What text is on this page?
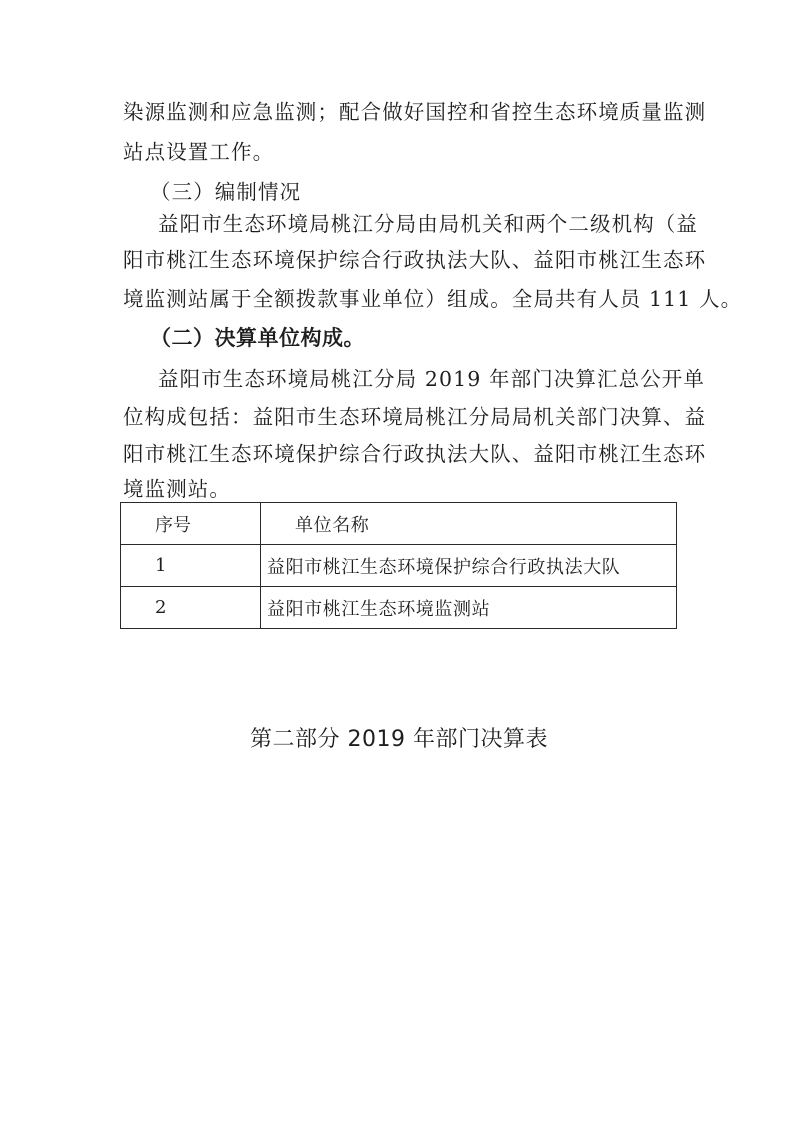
染源监测和应急监测；配合做好国控和省控生态环境质量监测
站点设置工作。
（三）编制情况
益阳市生态环境局桃江分局由局机关和两个二级机构（益
阳市桃江生态环境保护综合行政执法大队、益阳市桃江生态环
境监测站属于全额拨款事业单位）组成。全局共有人员 111 人。
（二）决算单位构成。
益阳市生态环境局桃江分局 2019 年部门决算汇总公开单
位构成包括：益阳市生态环境局桃江分局局机关部门决算、益
阳市桃江生态环境保护综合行政执法大队、益阳市桃江生态环
境监测站。
序号	单位名称
1	益阳市桃江生态环境保护综合行政执法大队
2	益阳市桃江生态环境监测站
第二部分 2019 年部门决算表
